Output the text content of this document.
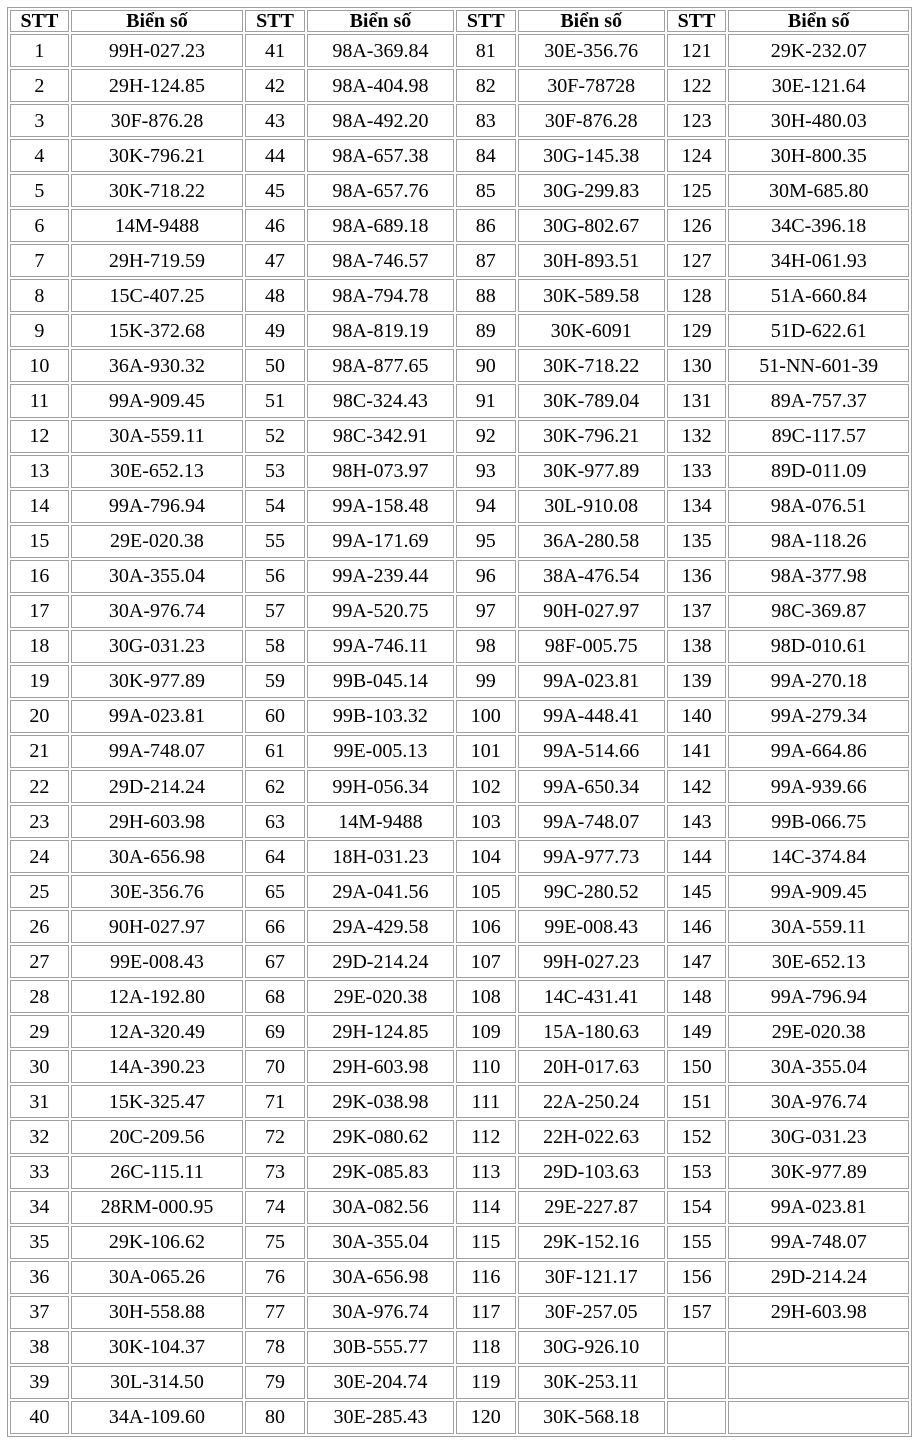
STT	Biển số	STT	Biển số	STT	Biển số	STT	Biển số
1	99H-027.23	41	98A-369.84	81	30E-356.76	121	29K-232.07
2	29H-124.85	42	98A-404.98	82	30F-78728	122	30E-121.64
3	30F-876.28	43	98A-492.20	83	30F-876.28	123	30H-480.03
4	30K-796.21	44	98A-657.38	84	30G-145.38	124	30H-800.35
5	30K-718.22	45	98A-657.76	85	30G-299.83	125	30M-685.80
6	14M-9488	46	98A-689.18	86	30G-802.67	126	34C-396.18
7	29H-719.59	47	98A-746.57	87	30H-893.51	127	34H-061.93
8	15C-407.25	48	98A-794.78	88	30K-589.58	128	51A-660.84
9	15K-372.68	49	98A-819.19	89	30K-6091	129	51D-622.61
10	36A-930.32	50	98A-877.65	90	30K-718.22	130	51-NN-601-39
11	99A-909.45	51	98C-324.43	91	30K-789.04	131	89A-757.37
12	30A-559.11	52	98C-342.91	92	30K-796.21	132	89C-117.57
13	30E-652.13	53	98H-073.97	93	30K-977.89	133	89D-011.09
14	99A-796.94	54	99A-158.48	94	30L-910.08	134	98A-076.51
15	29E-020.38	55	99A-171.69	95	36A-280.58	135	98A-118.26
16	30A-355.04	56	99A-239.44	96	38A-476.54	136	98A-377.98
17	30A-976.74	57	99A-520.75	97	90H-027.97	137	98C-369.87
18	30G-031.23	58	99A-746.11	98	98F-005.75	138	98D-010.61
19	30K-977.89	59	99B-045.14	99	99A-023.81	139	99A-270.18
20	99A-023.81	60	99B-103.32	100	99A-448.41	140	99A-279.34
21	99A-748.07	61	99E-005.13	101	99A-514.66	141	99A-664.86
22	29D-214.24	62	99H-056.34	102	99A-650.34	142	99A-939.66
23	29H-603.98	63	14M-9488	103	99A-748.07	143	99B-066.75
24	30A-656.98	64	18H-031.23	104	99A-977.73	144	14C-374.84
25	30E-356.76	65	29A-041.56	105	99C-280.52	145	99A-909.45
26	90H-027.97	66	29A-429.58	106	99E-008.43	146	30A-559.11
27	99E-008.43	67	29D-214.24	107	99H-027.23	147	30E-652.13
28	12A-192.80	68	29E-020.38	108	14C-431.41	148	99A-796.94
29	12A-320.49	69	29H-124.85	109	15A-180.63	149	29E-020.38
30	14A-390.23	70	29H-603.98	110	20H-017.63	150	30A-355.04
31	15K-325.47	71	29K-038.98	111	22A-250.24	151	30A-976.74
32	20C-209.56	72	29K-080.62	112	22H-022.63	152	30G-031.23
33	26C-115.11	73	29K-085.83	113	29D-103.63	153	30K-977.89
34	28RM-000.95	74	30A-082.56	114	29E-227.87	154	99A-023.81
35	29K-106.62	75	30A-355.04	115	29K-152.16	155	99A-748.07
36	30A-065.26	76	30A-656.98	116	30F-121.17	156	29D-214.24
37	30H-558.88	77	30A-976.74	117	30F-257.05	157	29H-603.98
38	30K-104.37	78	30B-555.77	118	30G-926.10		
39	30L-314.50	79	30E-204.74	119	30K-253.11		
40	34A-109.60	80	30E-285.43	120	30K-568.18		
